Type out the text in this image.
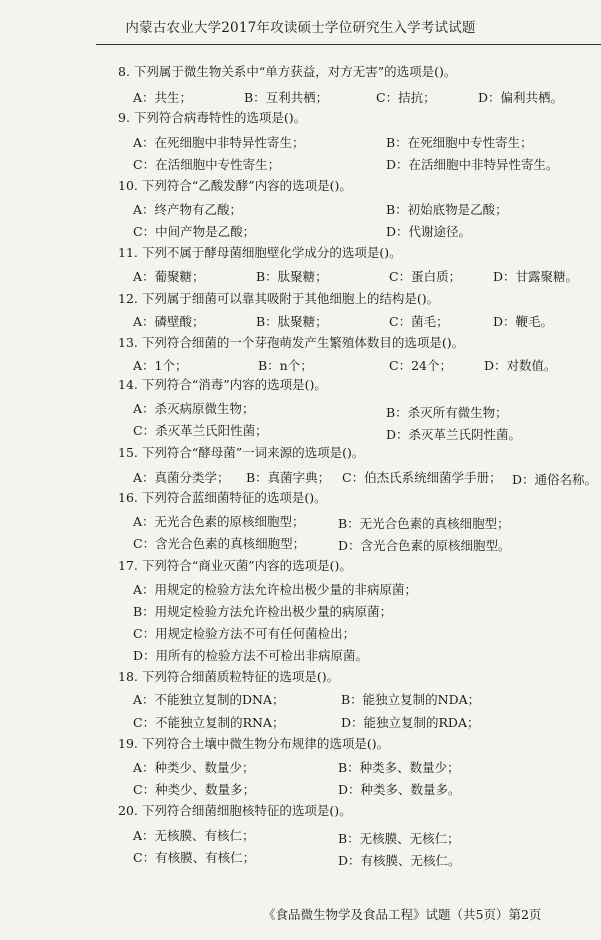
内蒙古农业大学2017年攻读硕士学位研究生入学考试试题
8. 下列属于微生物关系中“单方获益，对方无害”的选项是()。
A：共生；	B：互利共栖；	C：拮抗；	D：偏利共栖。
9. 下列符合病毒特性的选项是()。
A：在死细胞中非特异性寄生；	B：在死细胞中专性寄生；
C：在活细胞中专性寄生；	D：在活细胞中非特异性寄生。
10. 下列符合“乙酸发酵”内容的选项是()。
A：终产物有乙酸；	B：初始底物是乙酸；
C：中间产物是乙酸；	D：代谢途径。
11. 下列不属于酵母菌细胞壁化学成分的选项是()。
A：葡聚糖；	B：肽聚糖；	C：蛋白质；	D：甘露聚糖。
12. 下列属于细菌可以靠其吸附于其他细胞上的结构是()。
A：磷壁酸；	B：肽聚糖；	C：菌毛；	D：鞭毛。
13. 下列符合细菌的一个芽孢萌发产生繁殖体数目的选项是()。
A：1个；	B：n个；	C：24个；	D：对数值。
14. 下列符合“消毒”内容的选项是()。
A：杀灭病原微生物；	B：杀灭所有微生物；
C：杀灭革兰氏阳性菌；	D：杀灭革兰氏阴性菌。
15. 下列符合“酵母菌”一词来源的选项是()。
A：真菌分类学； B：真菌字典； C：伯杰氏系统细菌学手册； D：通俗名称。
16. 下列符合蓝细菌特征的选项是()。
A：无光合色素的原核细胞型；	B：无光合色素的真核细胞型；
C：含光合色素的真核细胞型；	D：含光合色素的原核细胞型。
17. 下列符合“商业灭菌”内容的选项是()。
A：用规定的检验方法允许检出极少量的非病原菌；
B：用规定检验方法允许检出极少量的病原菌；
C：用规定检验方法不可有任何菌检出；
D：用所有的检验方法不可检出非病原菌。
18. 下列符合细菌质粒特征的选项是()。
A：不能独立复制的DNA；	B：能独立复制的NDA；
C：不能独立复制的RNA；	D：能独立复制的RDA；
19. 下列符合土壤中微生物分布规律的选项是()。
A：种类少、数量少；	B：种类多、数量少；
C：种类少、数量多；	D：种类多、数量多。
20. 下列符合细菌细胞核特征的选项是()。
A：无核膜、有核仁；	B：无核膜、无核仁；
C：有核膜、有核仁；	D：有核膜、无核仁。
《食品微生物学及食品工程》试题（共5页）第2页
